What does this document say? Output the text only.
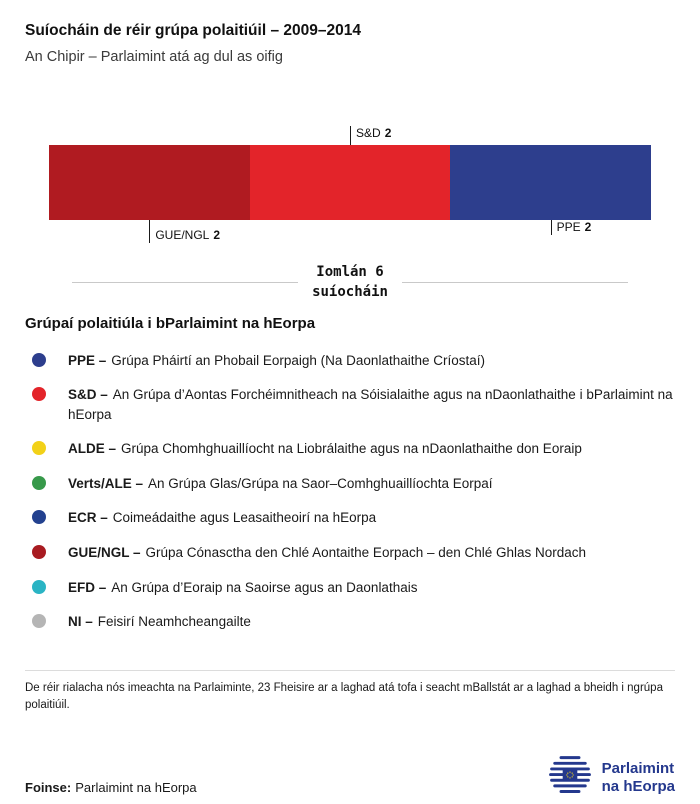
Suíocháin de réir grúpa polaitiúil – 2009–2014
An Chipir – Parlaimint atá ag dul as oifig
S&D 2
GUE/NGL 2
PPE 2
Iomlán 6
suíocháin
Grúpaí polaitiúla i bParlaimint na hEorpa
PPE – Grúpa Pháirtí an Phobail Eorpaigh (Na Daonlathaithe Críostaí)
S&D – An Grúpa d’Aontas Forchéimnitheach na Sóisialaithe agus na nDaonlathaithe i bParlaimint na hEorpa
ALDE – Grúpa Chomhghuaillíocht na Liobrálaithe agus na nDaonlathaithe don Eoraip
Verts/ALE – An Grúpa Glas/Grúpa na Saor–Comhghuaillíochta Eorpaí
ECR – Coimeádaithe agus Leasaitheoirí na hEorpa
GUE/NGL – Grúpa Cónasctha den Chlé Aontaithe Eorpach – den Chlé Ghlas Nordach
EFD – An Grúpa d’Eoraip na Saoirse agus an Daonlathais
NI – Feisirí Neamhcheangailte
De réir rialacha nós imeachta na Parlaiminte, 23 Fheisire ar a laghad atá tofa i seacht mBallstát ar a laghad a bheidh i ngrúpa polaitiúil.
Foinse: Parlaimint na hEorpa
Parlaimint
na hEorpa
